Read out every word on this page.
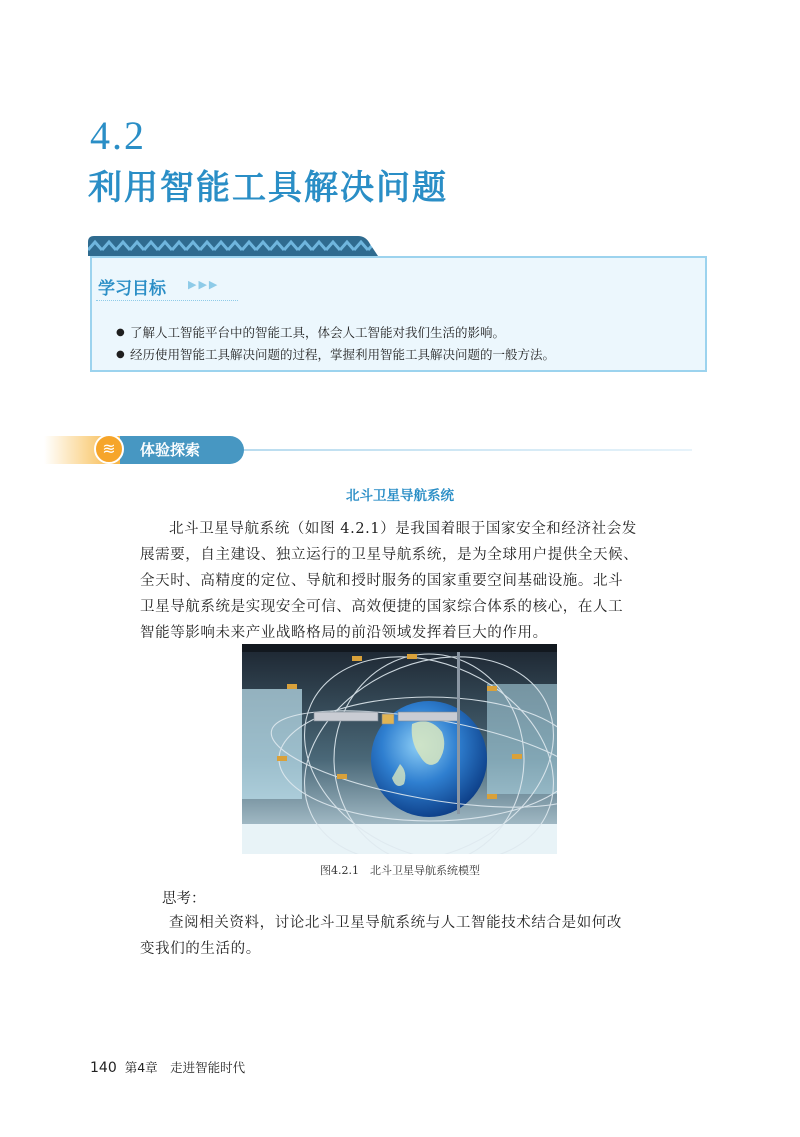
4.2
利用智能工具解决问题
学习目标 ▶▶▶
● 了解人工智能平台中的智能工具，体会人工智能对我们生活的影响。
● 经历使用智能工具解决问题的过程，掌握利用智能工具解决问题的一般方法。
体验探索
≋
北斗卫星导航系统
北斗卫星导航系统（如图 4.2.1）是我国着眼于国家安全和经济社会发
展需要，自主建设、独立运行的卫星导航系统，是为全球用户提供全天候、
全天时、高精度的定位、导航和授时服务的国家重要空间基础设施。北斗
卫星导航系统是实现安全可信、高效便捷的国家综合体系的核心，在人工
智能等影响未来产业战略格局的前沿领域发挥着巨大的作用。
图4.2.1　北斗卫星导航系统模型
思考：
查阅相关资料，讨论北斗卫星导航系统与人工智能技术结合是如何改
变我们的生活的。
140 第4章　走进智能时代
